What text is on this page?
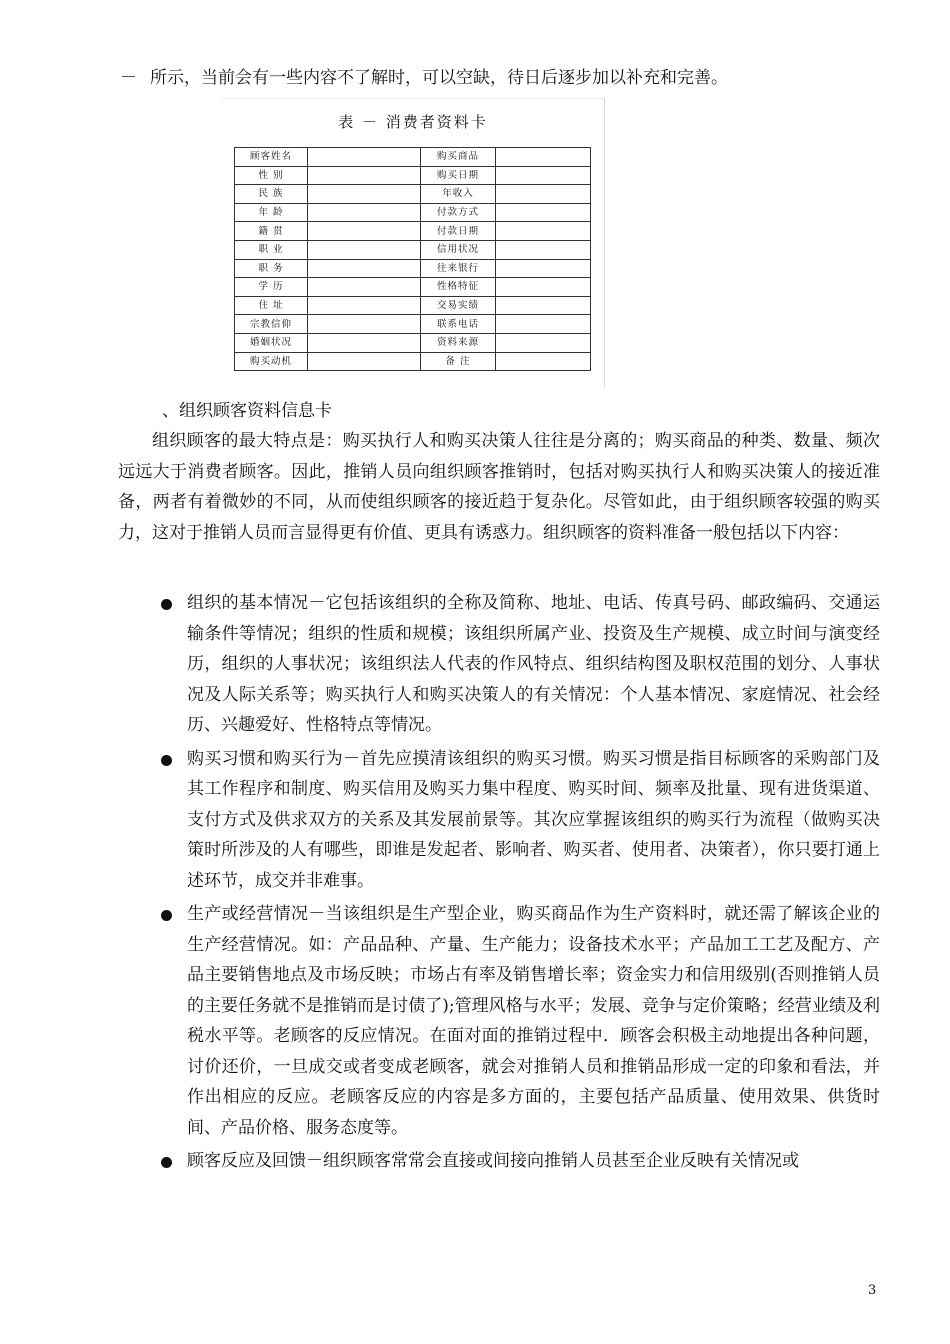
－ 所示，当前会有一些内容不了解时，可以空缺，待日后逐步加以补充和完善。
表 － 消费者资料卡
顾客姓名		购买商品	
性 别		购买日期	
民 族		年收入	
年 龄		付款方式	
籍 贯		付款日期	
职 业		信用状况	
职 务		往来银行	
学 历		性格特征	
住 址		交易实绩	
宗教信仰		联系电话	
婚姻状况		资料来源	
购买动机		备 注	
、组织顾客资料信息卡

组织顾客的最大特点是：购买执行人和购买决策人往往是分离的；购买商品的种类、数量、频次远远大于消费者顾客。因此，推销人员向组织顾客推销时，包括对购买执行人和购买决策人的接近准备，两者有着微妙的不同，从而使组织顾客的接近趋于复杂化。尽管如此，由于组织顾客较强的购买力，这对于推销人员而言显得更有价值、更具有诱惑力。组织顾客的资料准备一般包括以下内容：

组织的基本情况－它包括该组织的全称及简称、地址、电话、传真号码、邮政编码、交通运输条件等情况；组织的性质和规模；该组织所属产业、投资及生产规模、成立时间与演变经历，组织的人事状况；该组织法人代表的作风特点、组织结构图及职权范围的划分、人事状况及人际关系等；购买执行人和购买决策人的有关情况：个人基本情况、家庭情况、社会经历、兴趣爱好、性格特点等情况。
购买习惯和购买行为－首先应摸清该组织的购买习惯。购买习惯是指目标顾客的采购部门及其工作程序和制度、购买信用及购买力集中程度、购买时间、频率及批量、现有进货渠道、支付方式及供求双方的关系及其发展前景等。其次应掌握该组织的购买行为流程（做购买决策时所涉及的人有哪些，即谁是发起者、影响者、购买者、使用者、决策者），你只要打通上述环节，成交并非难事。
生产或经营情况－当该组织是生产型企业，购买商品作为生产资料时，就还需了解该企业的生产经营情况。如：产品品种、产量、生产能力；设备技术水平；产品加工工艺及配方、产品主要销售地点及市场反映；市场占有率及销售增长率；资金实力和信用级别(否则推销人员的主要任务就不是推销而是讨债了);管理风格与水平；发展、竞争与定价策略；经营业绩及利税水平等。老顾客的反应情况。在面对面的推销过程中．顾客会积极主动地提出各种问题，讨价还价，一旦成交或者变成老顾客，就会对推销人员和推销品形成一定的印象和看法，并作出相应的反应。老顾客反应的内容是多方面的，主要包括产品质量、使用效果、供货时间、产品价格、服务态度等。
顾客反应及回馈－组织顾客常常会直接或间接向推销人员甚至企业反映有关情况或
3
